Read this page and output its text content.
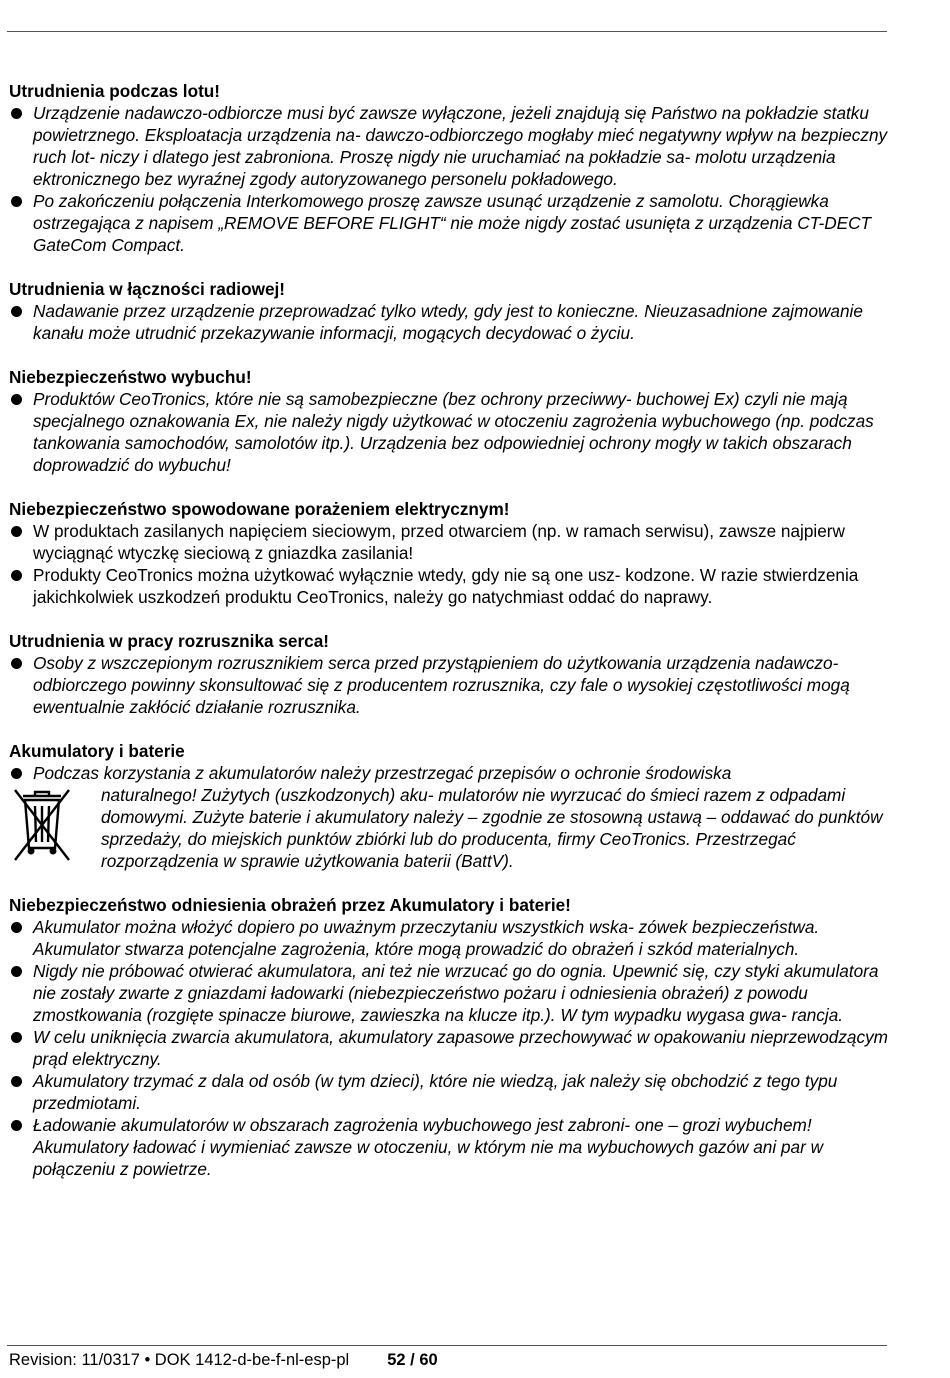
Utrudnienia podczas lotu!

Urządzenie nadawczo-odbiorcze musi być zawsze wyłączone, jeżeli znajdują się Państwo na pokładzie statku powietrznego. Eksploatacja urządzenia na- dawczo-odbiorczego mogłaby mieć negatywny wpływ na bezpieczny ruch lot- niczy i dlatego jest zabroniona. Proszę nigdy nie uruchamiać na pokładzie sa- molotu urządzenia ektronicznego bez wyraźnej zgody autoryzowanego personelu pokładowego.
Po zakończeniu połączenia Interkomowego proszę zawsze usunąć urządzenie z samolotu. Chorągiewka ostrzegająca z napisem „REMOVE BEFORE FLIGHT“ nie może nigdy zostać usunięta z urządzenia CT-DECT GateCom Compact.

Utrudnienia w łączności radiowej!

Nadawanie przez urządzenie przeprowadzać tylko wtedy, gdy jest to konieczne. Nieuzasadnione zajmowanie kanału może utrudnić przekazywanie informacji, mogących decydować o życiu.

Niebezpieczeństwo wybuchu!

Produktów CeoTronics, które nie są samobezpieczne (bez ochrony przeciwwy- buchowej Ex) czyli nie mają specjalnego oznakowania Ex, nie należy nigdy użytkować w otoczeniu zagrożenia wybuchowego (np. podczas tankowania samochodów, samolotów itp.). Urządzenia bez odpowiedniej ochrony mogły w takich obszarach doprowadzić do wybuchu!

Niebezpieczeństwo spowodowane porażeniem elektrycznym!

W produktach zasilanych napięciem sieciowym, przed otwarciem (np. w ramach serwisu), zawsze najpierw wyciągnąć wtyczkę sieciową z gniazdka zasilania!
Produkty CeoTronics można użytkować wyłącznie wtedy, gdy nie są one usz- kodzone. W razie stwierdzenia jakichkolwiek uszkodzeń produktu CeoTronics, należy go natychmiast oddać do naprawy.

Utrudnienia w pracy rozrusznika serca!

Osoby z wszczepionym rozrusznikiem serca przed przystąpieniem do użytkowania urządzenia nadawczo-odbiorczego powinny skonsultować się z producentem rozrusznika, czy fale o wysokiej częstotliwości mogą ewentualnie zakłócić działanie rozrusznika.

Akumulatory i baterie

Podczas korzystania z akumulatorów należy przestrzegać przepisów o ochronie środowiska
naturalnego! Zużytych (uszkodzonych) aku- mulatorów nie wyrzucać do śmieci razem z odpadami domowymi. Zużyte baterie i akumulatory należy – zgodnie ze stosowną ustawą – oddawać do punktów sprzedaży, do miejskich punktów zbiórki lub do producenta, firmy CeoTronics. Przestrzegać rozporządzenia w sprawie użytkowania baterii (BattV).

Niebezpieczeństwo odniesienia obrażeń przez Akumulatory i baterie!

Akumulator można włożyć dopiero po uważnym przeczytaniu wszystkich wska- zówek bezpieczeństwa. Akumulator stwarza potencjalne zagrożenia, które mogą prowadzić do obrażeń i szkód materialnych.
Nigdy nie próbować otwierać akumulatora, ani też nie wrzucać go do ognia. Upewnić się, czy styki akumulatora nie zostały zwarte z gniazdami ładowarki (niebezpieczeństwo pożaru i odniesienia obrażeń) z powodu zmostkowania (rozgięte spinacze biurowe, zawieszka na klucze itp.). W tym wypadku wygasa gwa- rancja.
W celu uniknięcia zwarcia akumulatora, akumulatory zapasowe przechowywać w opakowaniu nieprzewodzącym prąd elektryczny.
Akumulatory trzymać z dala od osób (w tym dzieci), które nie wiedzą, jak należy się obchodzić z tego typu przedmiotami.
Ładowanie akumulatorów w obszarach zagrożenia wybuchowego jest zabroni- one – grozi wybuchem! Akumulatory ładować i wymieniać zawsze w otoczeniu, w którym nie ma wybuchowych gazów ani par w połączeniu z powietrze.
Revision: 11/0317 • DOK 1412-d-be-f-nl-esp-pl 52 / 60
